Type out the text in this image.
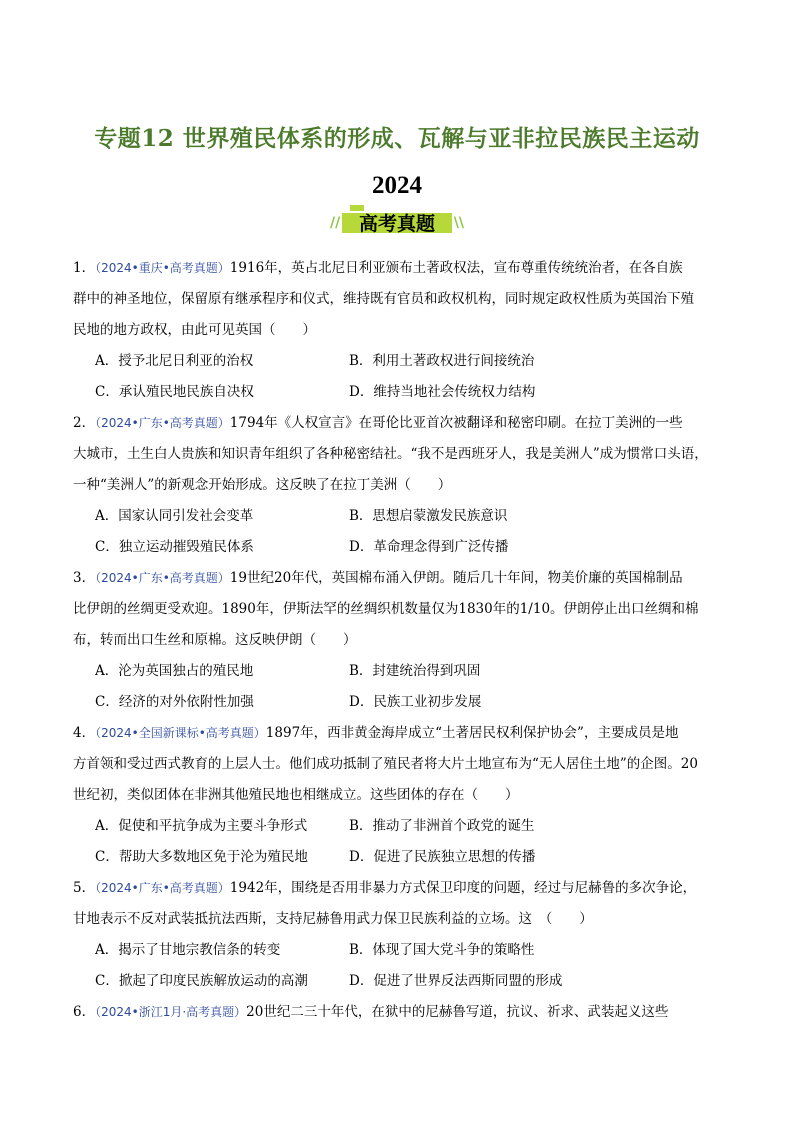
专题12 世界殖民体系的形成、瓦解与亚非拉民族民主运动
2024
//	\\
高考真题
1．（2024•重庆•高考真题）1916年，英占北尼日利亚颁布土著政权法，宣布尊重传统统治者，在各自族
群中的神圣地位，保留原有继承程序和仪式，维持既有官员和政权机构，同时规定政权性质为英国治下殖
民地的地方政权，由此可见英国（　　）
A．授予北尼日利亚的治权	B．利用土著政权进行间接统治
C．承认殖民地民族自决权	D．维持当地社会传统权力结构
2．（2024•广东•高考真题）1794年《人权宣言》在哥伦比亚首次被翻译和秘密印刷。在拉丁美洲的一些
大城市，土生白人贵族和知识青年组织了各种秘密结社。“我不是西班牙人，我是美洲人”成为惯常口头语，
一种“美洲人”的新观念开始形成。这反映了在拉丁美洲（　　）
A．国家认同引发社会变革	B．思想启蒙激发民族意识
C．独立运动摧毁殖民体系	D．革命理念得到广泛传播
3．（2024•广东•高考真题）19世纪20年代，英国棉布涌入伊朗。随后几十年间，物美价廉的英国棉制品
比伊朗的丝绸更受欢迎。1890年，伊斯法罕的丝绸织机数量仅为1830年的1/10。伊朗停止出口丝绸和棉
布，转而出口生丝和原棉。这反映伊朗（　　）
A．沦为英国独占的殖民地	B．封建统治得到巩固
C．经济的对外依附性加强	D．民族工业初步发展
4．（2024•全国新课标•高考真题）1897年，西非黄金海岸成立“土著居民权利保护协会”，主要成员是地
方首领和受过西式教育的上层人士。他们成功抵制了殖民者将大片土地宣布为“无人居住土地”的企图。20
世纪初，类似团体在非洲其他殖民地也相继成立。这些团体的存在（　　）
A．促使和平抗争成为主要斗争形式	B．推动了非洲首个政党的诞生
C．帮助大多数地区免于沦为殖民地	D．促进了民族独立思想的传播
5．（2024•广东•高考真题）1942年，围绕是否用非暴力方式保卫印度的问题，经过与尼赫鲁的多次争论，
甘地表示不反对武装抵抗法西斯，支持尼赫鲁用武力保卫民族利益的立场。这　（　　）
A．揭示了甘地宗教信条的转变	B．体现了国大党斗争的策略性
C．掀起了印度民族解放运动的高潮	D．促进了世界反法西斯同盟的形成
6．（2024•浙江1月·高考真题）20世纪二三十年代，在狱中的尼赫鲁写道，抗议、祈求、武装起义这些
